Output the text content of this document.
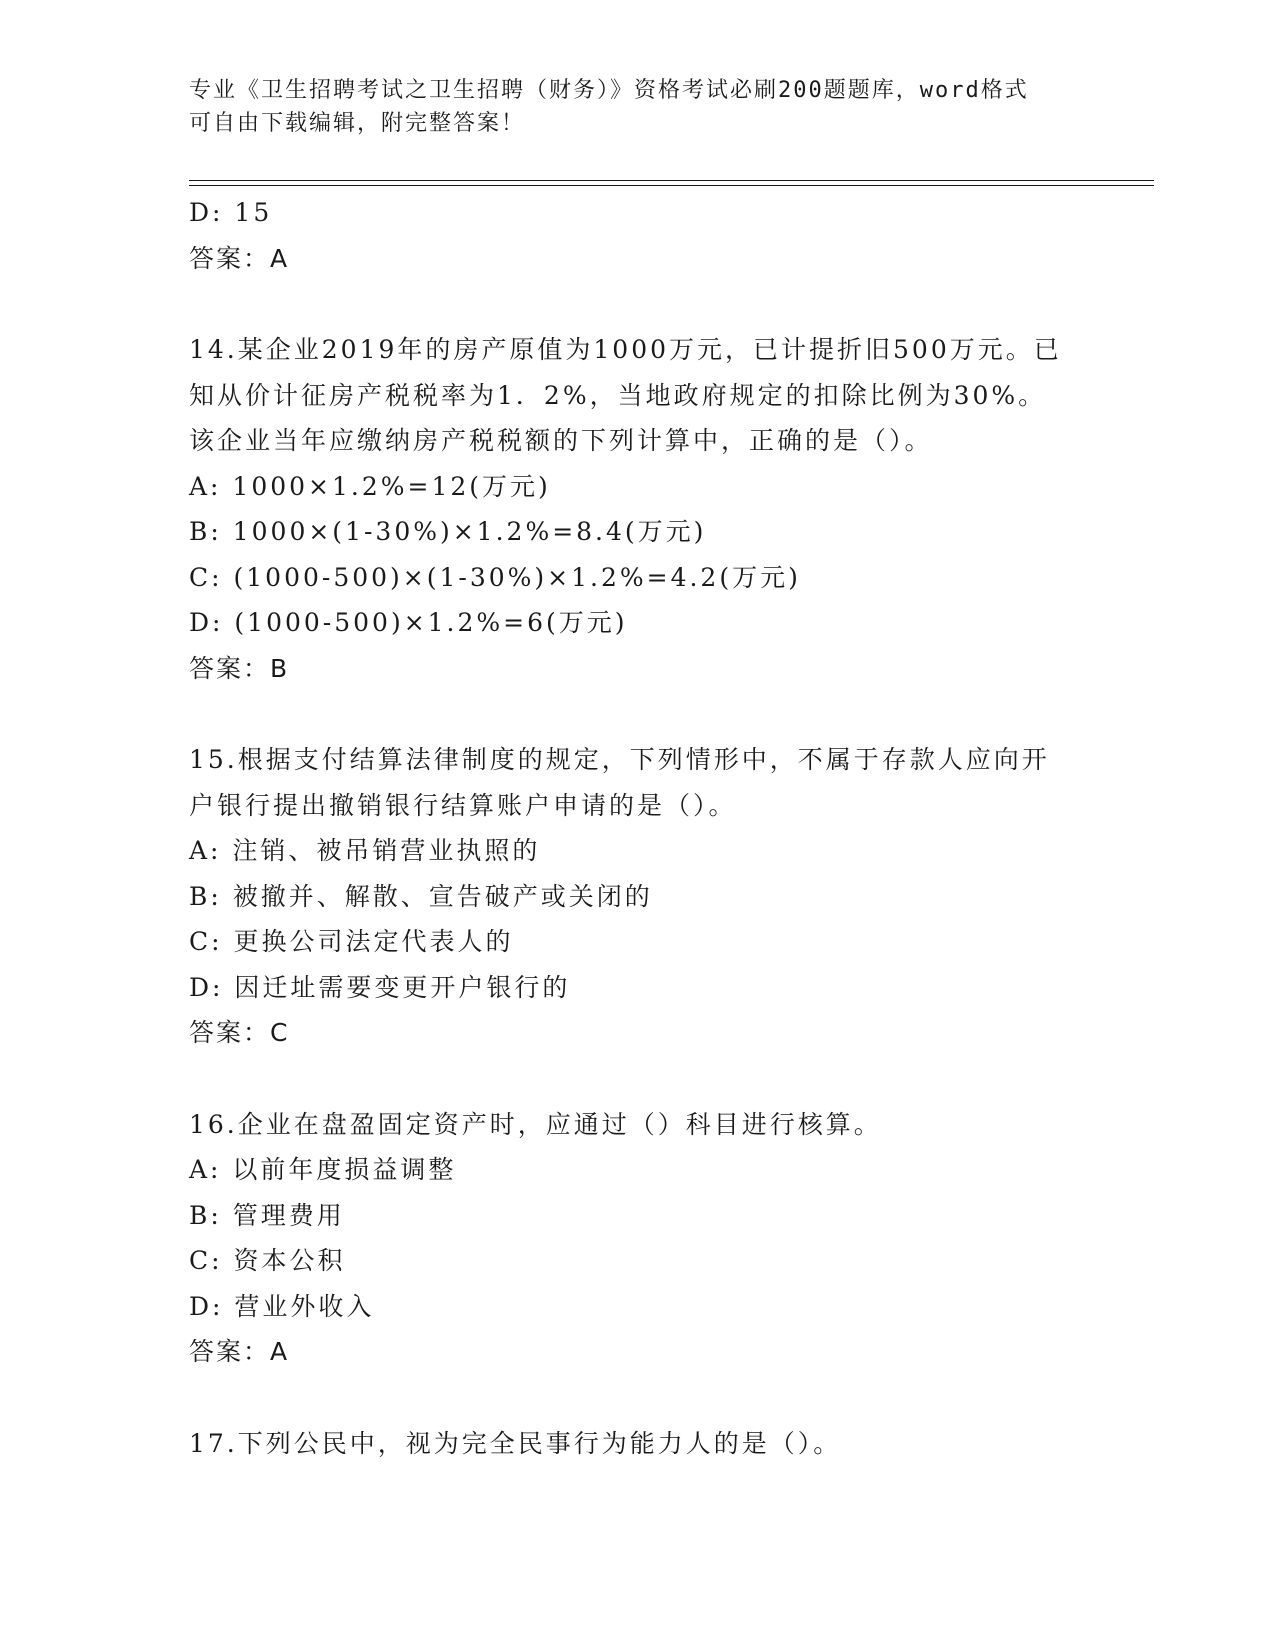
专业《卫生招聘考试之卫生招聘（财务）》资格考试必刷200题题库，word格式
可自由下载编辑，附完整答案！
D: 15
答案：A
14.某企业2019年的房产原值为1000万元，已计提折旧500万元。已
知从价计征房产税税率为1．2%，当地政府规定的扣除比例为30%。
该企业当年应缴纳房产税税额的下列计算中，正确的是（）。
A: 1000×1.2%=12(万元)
B: 1000×(1-30%)×1.2%=8.4(万元)
C: (1000-500)×(1-30%)×1.2%=4.2(万元)
D: (1000-500)×1.2%=6(万元)
答案：B
15.根据支付结算法律制度的规定，下列情形中，不属于存款人应向开
户银行提出撤销银行结算账户申请的是（）。
A: 注销、被吊销营业执照的
B: 被撤并、解散、宣告破产或关闭的
C: 更换公司法定代表人的
D: 因迁址需要变更开户银行的
答案：C
16.企业在盘盈固定资产时，应通过（）科目进行核算。
A: 以前年度损益调整
B: 管理费用
C: 资本公积
D: 营业外收入
答案：A
17.下列公民中，视为完全民事行为能力人的是（）。
